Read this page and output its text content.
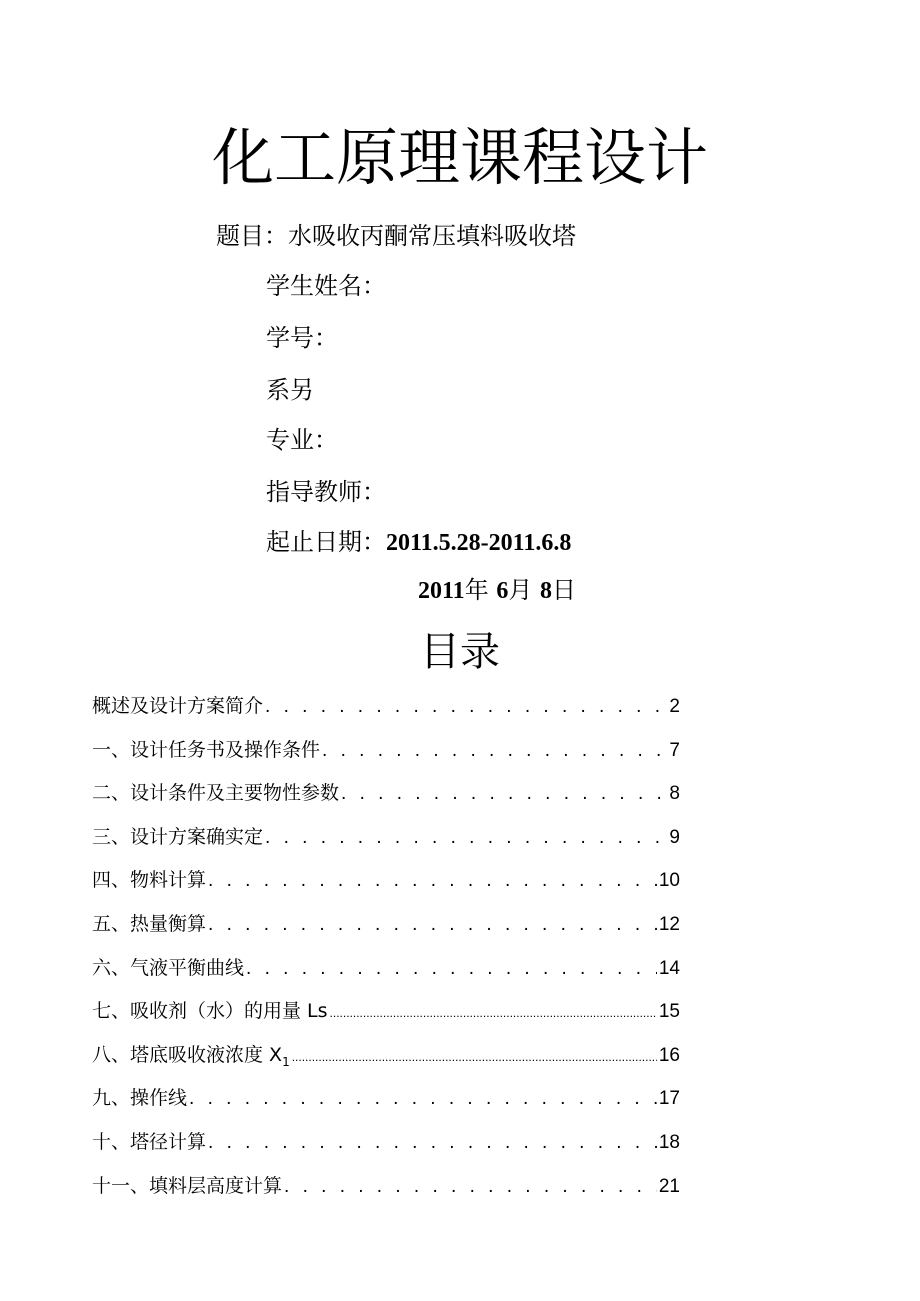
化工原理课程设计
题目：水吸收丙酮常压填料吸收塔
学生姓名：
学号：
系另
专业：
指导教师：
起止日期：2011.5.28-2011.6.8
2011年 6月 8日
目录
概述及设计方案简介 . . .	2
一、设计任务书及操作条件 . . .	7
二、设计条件及主要物性参数 . . .	8
三、设计方案确实定 . . .	9
四、物料计算 . . .	10
五、热量衡算 . . .	12
六、气液平衡曲线 . . .	14
七、吸收剂（水）的用量 Ls .....	15
八、塔底吸收液浓度 $X_1$ .....	16
九、操作线 . . .	17
十、塔径计算 . . .	18
十一、填料层高度计算 . . .	21
